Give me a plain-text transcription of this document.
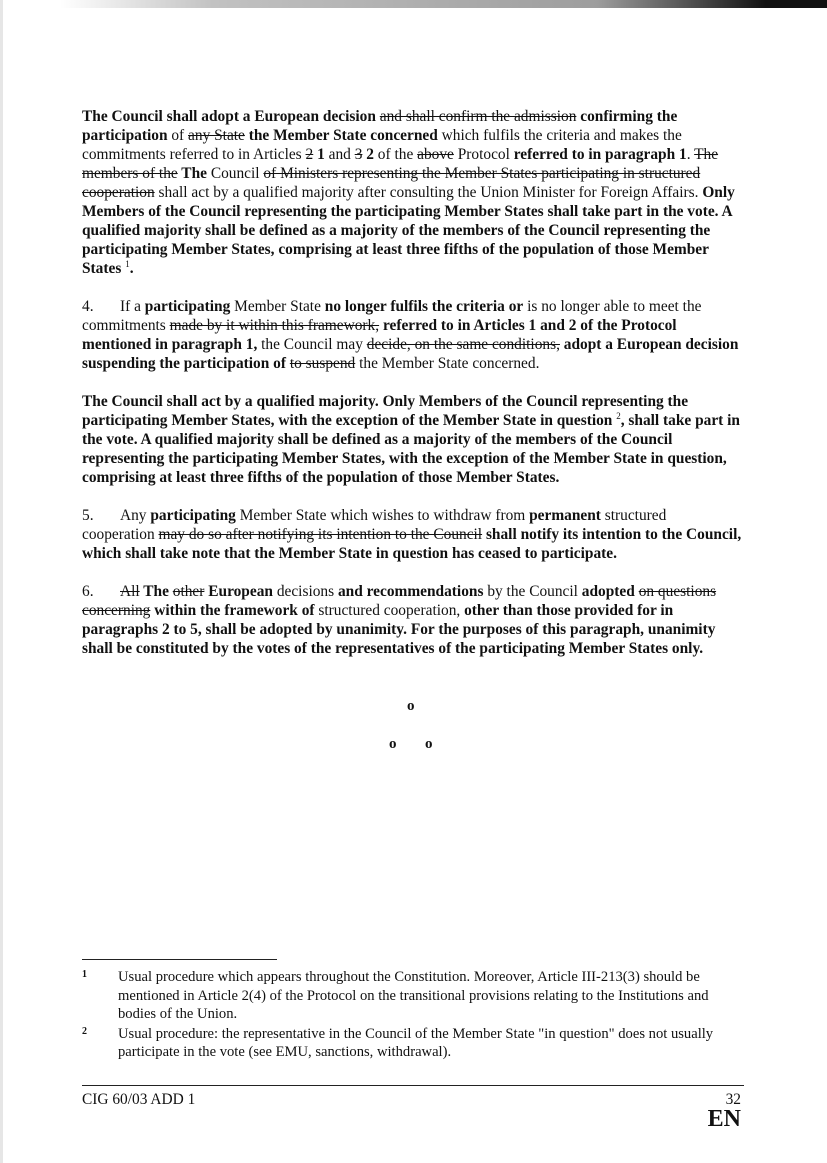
The Council shall adopt a European decision and shall confirm the admission confirming the participation of any State the Member State concerned which fulfils the criteria and makes the commitments referred to in Articles 2 1 and 3 2 of the above Protocol referred to in paragraph 1. The members of the The Council of Ministers representing the Member States participating in structured cooperation shall act by a qualified majority after consulting the Union Minister for Foreign Affairs. Only Members of the Council representing the participating Member States shall take part in the vote. A qualified majority shall be defined as a majority of the members of the Council representing the participating Member States, comprising at least three fifths of the population of those Member States $^1$.

4. If a participating Member State no longer fulfils the criteria or is no longer able to meet the commitments made by it within this framework, referred to in Articles 1 and 2 of the Protocol mentioned in paragraph 1, the Council may decide, on the same conditions, adopt a European decision suspending the participation of to suspend the Member State concerned.

The Council shall act by a qualified majority. Only Members of the Council representing the participating Member States, with the exception of the Member State in question $^2$, shall take part in the vote. A qualified majority shall be defined as a majority of the members of the Council representing the participating Member States, with the exception of the Member State in question, comprising at least three fifths of the population of those Member States.

5. Any participating Member State which wishes to withdraw from permanent structured cooperation may do so after notifying its intention to the Council shall notify its intention to the Council, which shall take note that the Member State in question has ceased to participate.

6. All The other European decisions and recommendations by the Council adopted on questions concerning within the framework of structured cooperation, other than those provided for in paragraphs 2 to 5, shall be adopted by unanimity. For the purposes of this paragraph, unanimity shall be constituted by the votes of the representatives of the participating Member States only.

o
o o
1 Usual procedure which appears throughout the Constitution. Moreover, Article III-213(3) should be mentioned in Article 2(4) of the Protocol on the transitional provisions relating to the Institutions and bodies of the Union.
2 Usual procedure: the representative in the Council of the Member State "in question" does not usually participate in the vote (see EMU, sanctions, withdrawal).
CIG 60/03 ADD 1	32
EN
